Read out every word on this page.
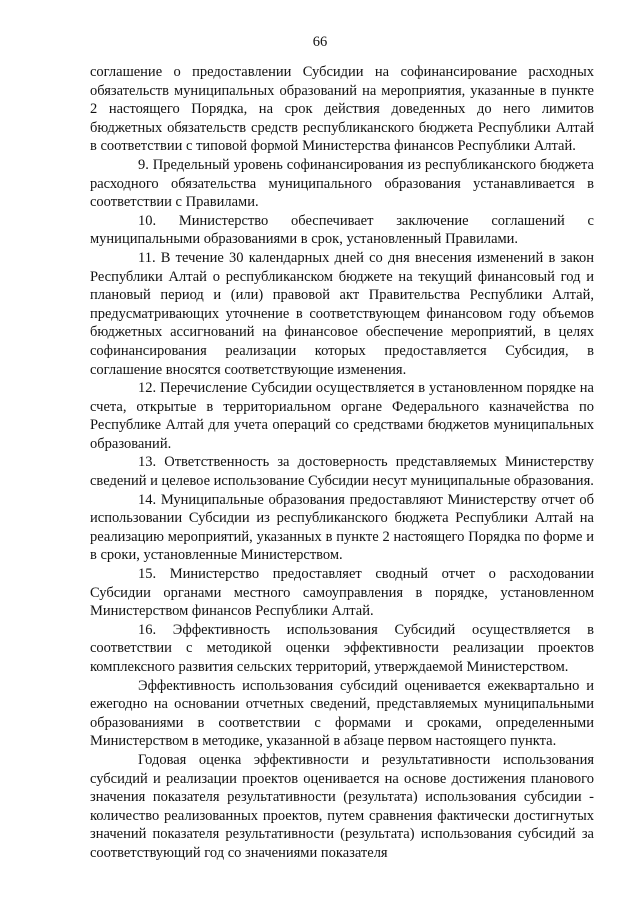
66

соглашение о предоставлении Субсидии на софинансирование расходных обязательств муниципальных образований на мероприятия, указанные в пункте 2 настоящего Порядка, на срок действия доведенных до него лимитов бюджетных обязательств средств республиканского бюджета Республики Алтай в соответствии с типовой формой Министерства финансов Республики Алтай.

9. Предельный уровень софинансирования из республиканского бюджета расходного обязательства муниципального образования устанавливается в соответствии с Правилами.

10. Министерство обеспечивает заключение соглашений с муниципальными образованиями в срок, установленный Правилами.

11. В течение 30 календарных дней со дня внесения изменений в закон Республики Алтай о республиканском бюджете на текущий финансовый год и плановый период и (или) правовой акт Правительства Республики Алтай, предусматривающих уточнение в соответствующем финансовом году объемов бюджетных ассигнований на финансовое обеспечение мероприятий, в целях софинансирования реализации которых предоставляется Субсидия, в соглашение вносятся соответствующие изменения.

12. Перечисление Субсидии осуществляется в установленном порядке на счета, открытые в территориальном органе Федерального казначейства по Республике Алтай для учета операций со средствами бюджетов муниципальных образований.

13. Ответственность за достоверность представляемых Министерству сведений и целевое использование Субсидии несут муниципальные образования.

14. Муниципальные образования предоставляют Министерству отчет об использовании Субсидии из республиканского бюджета Республики Алтай на реализацию мероприятий, указанных в пункте 2 настоящего Порядка по форме и в сроки, установленные Министерством.

15. Министерство предоставляет сводный отчет о расходовании Субсидии органами местного самоуправления в порядке, установленном Министерством финансов Республики Алтай.

16. Эффективность использования Субсидий осуществляется в соответствии с методикой оценки эффективности реализации проектов комплексного развития сельских территорий, утверждаемой Министерством.

Эффективность использования субсидий оценивается ежеквартально и ежегодно на основании отчетных сведений, представляемых муниципальными образованиями в соответствии с формами и сроками, определенными Министерством в методике, указанной в абзаце первом настоящего пункта.

Годовая оценка эффективности и результативности использования субсидий и реализации проектов оценивается на основе достижения планового значения показателя результативности (результата) использования субсидии - количество реализованных проектов, путем сравнения фактически достигнутых значений показателя результативности (результата) использования субсидий за соответствующий год со значениями показателя
